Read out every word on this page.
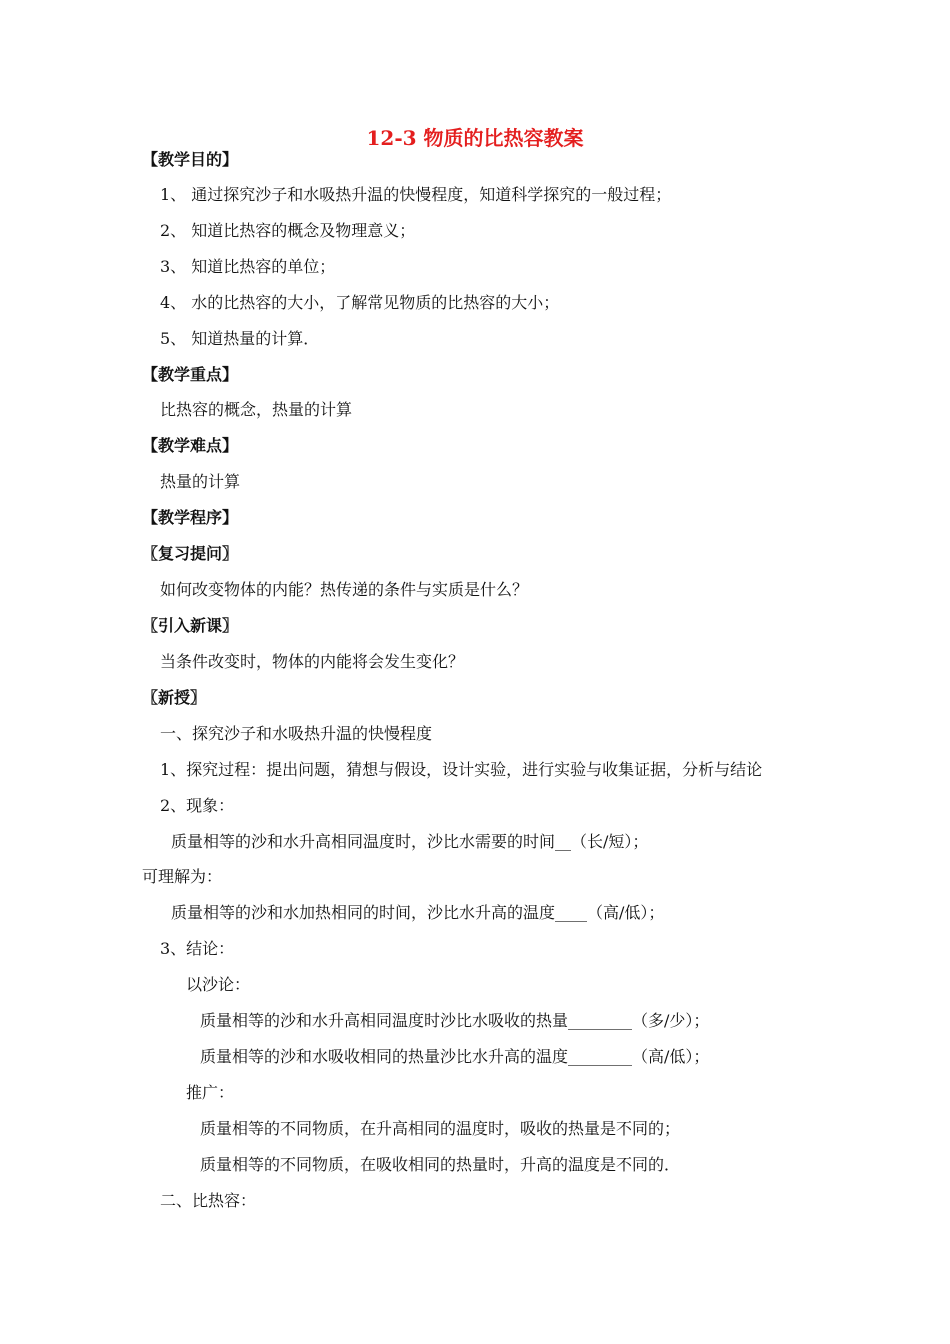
12-3 物质的比热容教案
【教学目的】
1、 通过探究沙子和水吸热升温的快慢程度，知道科学探究的一般过程；
2、 知道比热容的概念及物理意义；
3、 知道比热容的单位；
4、 水的比热容的大小，了解常见物质的比热容的大小；
5、 知道热量的计算．
【教学重点】
比热容的概念，热量的计算
【教学难点】
热量的计算
【教学程序】
〖复习提问〗
如何改变物体的内能？热传递的条件与实质是什么？
〖引入新课〗
当条件改变时，物体的内能将会发生变化？
〖新授〗
一、探究沙子和水吸热升温的快慢程度
1、探究过程：提出问题，猜想与假设，设计实验，进行实验与收集证据，分析与结论
2、现象：
质量相等的沙和水升高相同温度时，沙比水需要的时间__（长/短）；
可理解为：
质量相等的沙和水加热相同的时间，沙比水升高的温度____（高/低）；
3、结论：
以沙论：
质量相等的沙和水升高相同温度时沙比水吸收的热量________（多/少）；
质量相等的沙和水吸收相同的热量沙比水升高的温度________（高/低）；
推广：
质量相等的不同物质，在升高相同的温度时，吸收的热量是不同的；
质量相等的不同物质，在吸收相同的热量时，升高的温度是不同的．
二、比热容：
